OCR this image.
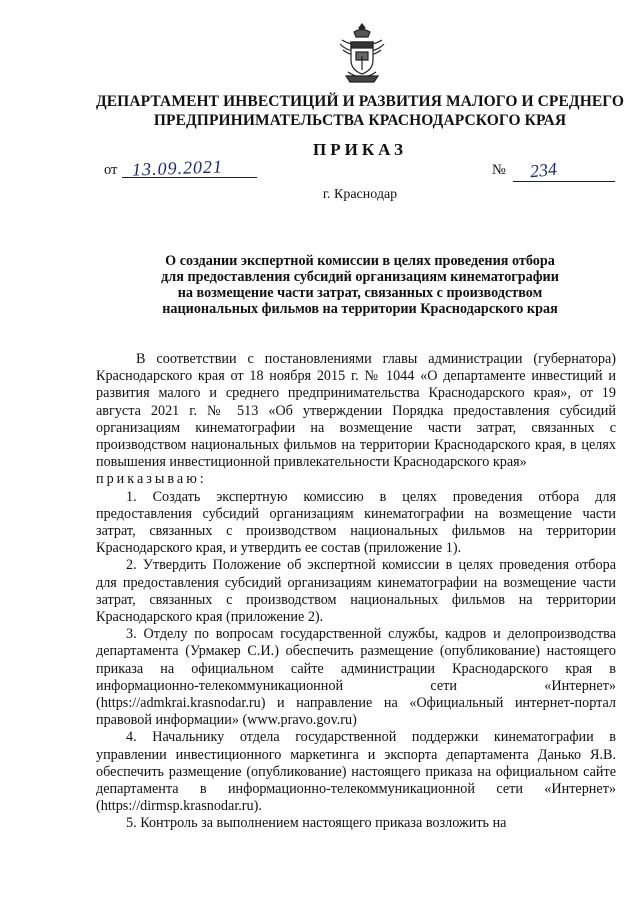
ДЕПАРТАМЕНТ ИНВЕСТИЦИЙ И РАЗВИТИЯ МАЛОГО И СРЕДНЕГО
ПРЕДПРИНИМАТЕЛЬСТВА КРАСНОДАРСКОГО КРАЯ
ПРИКАЗ
от 13.09.2021	№ 234
г. Краснодар
О создании экспертной комиссии в целях проведения отбора
для предоставления субсидий организациям кинематографии
на возмещение части затрат, связанных с производством
национальных фильмов на территории Краснодарского края

В соответствии с постановлениями главы администрации (губернатора) Краснодарского края от 18 ноября 2015 г. № 1044 «О департаменте инвестиций и развития малого и среднего предпринимательства Краснодарского края», от 19 августа 2021 г. № 513 «Об утверждении Порядка предоставления субсидий организациям кинематографии на возмещение части затрат, связанных с производством национальных фильмов на территории Краснодарского края, в целях повышения инвестиционной привлекательности Краснодарского края»

приказываю:

1. Создать экспертную комиссию в целях проведения отбора для предоставления субсидий организациям кинематографии на возмещение части затрат, связанных с производством национальных фильмов на территории Краснодарского края, и утвердить ее состав (приложение 1).

2. Утвердить Положение об экспертной комиссии в целях проведения отбора для предоставления субсидий организациям кинематографии на возмещение части затрат, связанных с производством национальных фильмов на территории Краснодарского края (приложение 2).

3. Отделу по вопросам государственной службы, кадров и делопроизводства департамента (Урмакер С.И.) обеспечить размещение (опубликование) настоящего приказа на официальном сайте администрации Краснодарского края в информационно-телекоммуникационной сети «Интернет» (https://admkrai.krasnodar.ru) и направление на «Официальный интернет-портал правовой информации» (www.pravo.gov.ru)

4. Начальнику отдела государственной поддержки кинематографии в управлении инвестиционного маркетинга и экспорта департамента Данько Я.В. обеспечить размещение (опубликование) настоящего приказа на официальном сайте департамента в информационно-телекоммуникационной сети «Интернет» (https://dirmsp.krasnodar.ru).

5. Контроль за выполнением настоящего приказа возложить на
